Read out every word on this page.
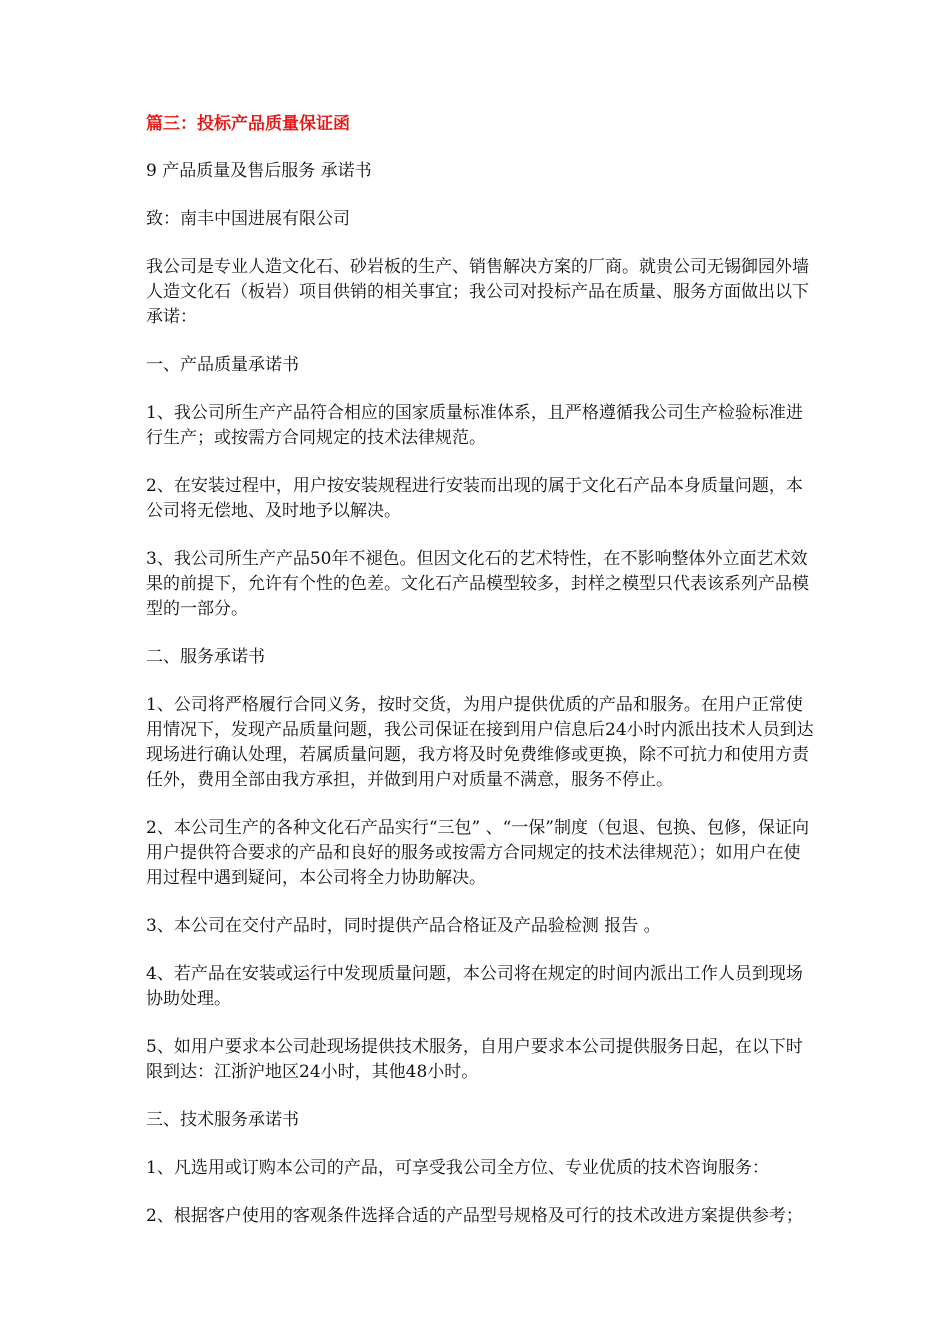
篇三：投标产品质量保证函
9 产品质量及售后服务 承诺书
致：南丰中国进展有限公司
我公司是专业人造文化石、砂岩板的生产、销售解决方案的厂商。就贵公司无锡御园外墙人造文化石（板岩）项目供销的相关事宜；我公司对投标产品在质量、服务方面做出以下承诺：
一、产品质量承诺书
1、我公司所生产产品符合相应的国家质量标准体系，且严格遵循我公司生产检验标准进行生产；或按需方合同规定的技术法律规范。
2、在安装过程中，用户按安装规程进行安装而出现的属于文化石产品本身质量问题，本公司将无偿地、及时地予以解决。
3、我公司所生产产品50年不褪色。但因文化石的艺术特性，在不影响整体外立面艺术效果的前提下，允许有个性的色差。文化石产品模型较多，封样之模型只代表该系列产品模型的一部分。
二、服务承诺书
1、公司将严格履行合同义务，按时交货，为用户提供优质的产品和服务。在用户正常使用情况下，发现产品质量问题，我公司保证在接到用户信息后24小时内派出技术人员到达现场进行确认处理，若属质量问题，我方将及时免费维修或更换，除不可抗力和使用方责任外，费用全部由我方承担，并做到用户对质量不满意，服务不停止。
2、本公司生产的各种文化石产品实行“三包” 、“一保”制度（包退、包换、包修，保证向用户提供符合要求的产品和良好的服务或按需方合同规定的技术法律规范）；如用户在使用过程中遇到疑问，本公司将全力协助解决。
3、本公司在交付产品时，同时提供产品合格证及产品验检测 报告 。
4、若产品在安装或运行中发现质量问题，本公司将在规定的时间内派出工作人员到现场协助处理。
5、如用户要求本公司赴现场提供技术服务，自用户要求本公司提供服务日起，在以下时限到达：江浙沪地区24小时，其他48小时。
三、技术服务承诺书
1、凡选用或订购本公司的产品，可享受我公司全方位、专业优质的技术咨询服务：
2、根据客户使用的客观条件选择合适的产品型号规格及可行的技术改进方案提供参考；
